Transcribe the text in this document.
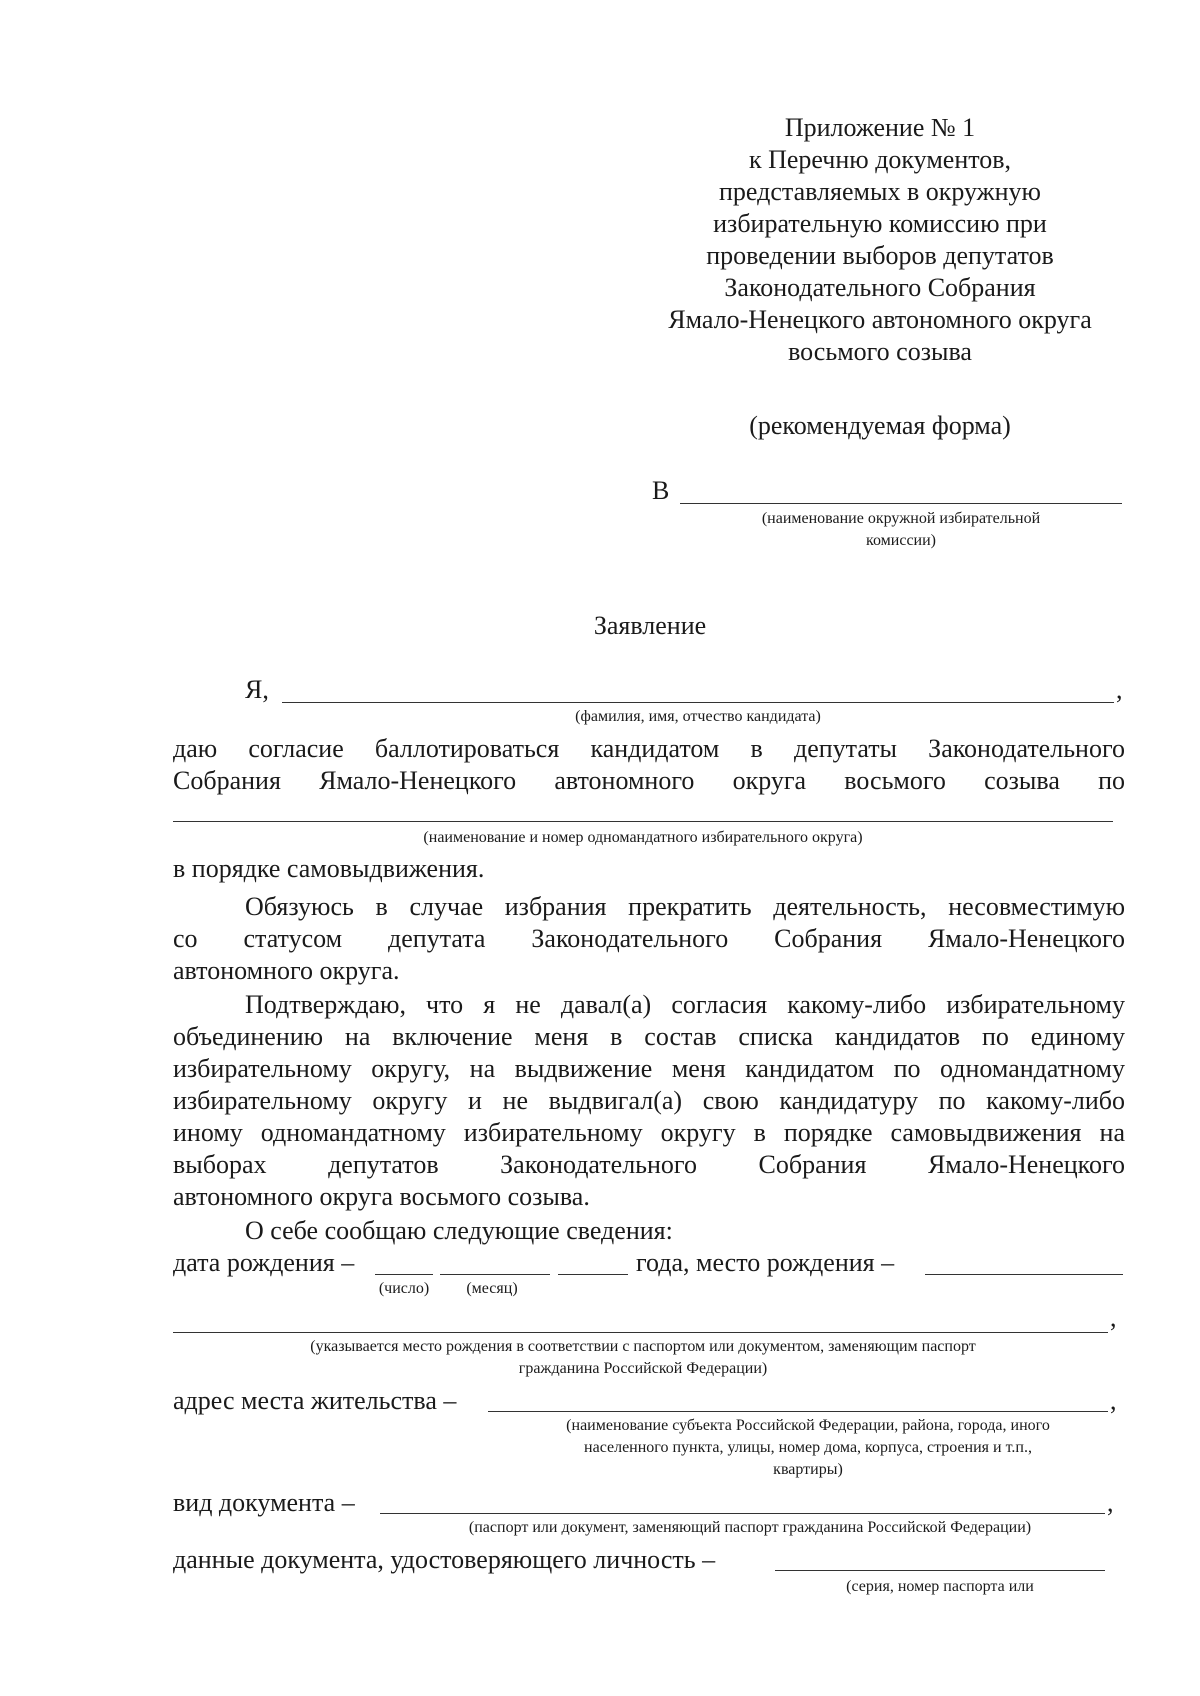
Приложение № 1
к Перечню документов,
представляемых в окружную
избирательную комиссию при
проведении выборов депутатов
Законодательного Собрания
Ямало-Ненецкого автономного округа
восьмого созыва
(рекомендуемая форма)
В
(наименование окружной избирательной
комиссии)
Заявление
Я,	,
(фамилия, имя, отчество кандидата)
даю согласие баллотироваться кандидатом в депутаты Законодательного
Собрания Ямало-Ненецкого автономного округа восьмого созыва по
(наименование и номер одномандатного избирательного округа)
в порядке самовыдвижения.
Обязуюсь в случае избрания прекратить деятельность, несовместимую
со статусом депутата Законодательного Собрания Ямало-Ненецкого
автономного округа.
Подтверждаю, что я не давал(а) согласия какому-либо избирательному
объединению на включение меня в состав списка кандидатов по единому
избирательному округу, на выдвижение меня кандидатом по одномандатному
избирательному округу и не выдвигал(а) свою кандидатуру по какому-либо
иному одномандатному избирательному округу в порядке самовыдвижения на
выборах депутатов Законодательного Собрания Ямало-Ненецкого
автономного округа восьмого созыва.
О себе сообщаю следующие сведения:
дата рождения –	года, место рождения –
(число)	(месяц)
,
(указывается место рождения в соответствии с паспортом или документом, заменяющим паспорт
гражданина Российской Федерации)
адрес места жительства –	,
(наименование субъекта Российской Федерации, района, города, иного
населенного пункта, улицы, номер дома, корпуса, строения и т.п.,
квартиры)
вид документа –	,
(паспорт или документ, заменяющий паспорт гражданина Российской Федерации)
данные документа, удостоверяющего личность –
(серия, номер паспорта или
